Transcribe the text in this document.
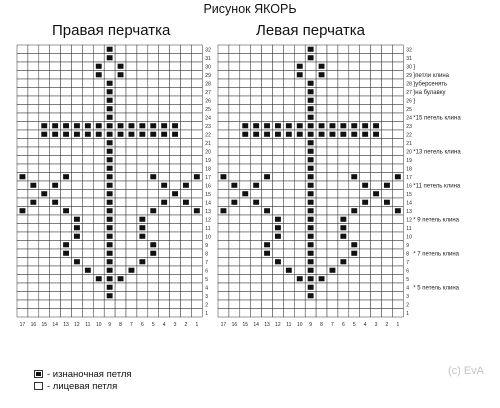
Рисунок ЯКОРЬ
Правая перчатка	Левая перчатка
17 16 15 14 13 12 11 10 9 8 7 6 5 4 3 2 1	17 16 15 14 13 12 11 10 9 8 7 6 5 4 3 2 1
32
31
30
29
28
27
26
25
24
23
22
21
20
19
18
17
16
15
14
13
12
11
10
9
8
7
6
5
4
3
2
1
32
31
30
29
28
27
26
25
24
23
22
21
20
19
18
17
16
15
14
13
12
11
10
9
8
7
6
5
4
3
2
1
}
}петли клина
}уберсенять
}на булавку
}
*15 петель клина
*13 петель клина
*11 петель клина
* 9 петель клина
* 7 петель клина
* 5 петель клина
- изнаночная петля
- лицевая петля
(c) EvA
